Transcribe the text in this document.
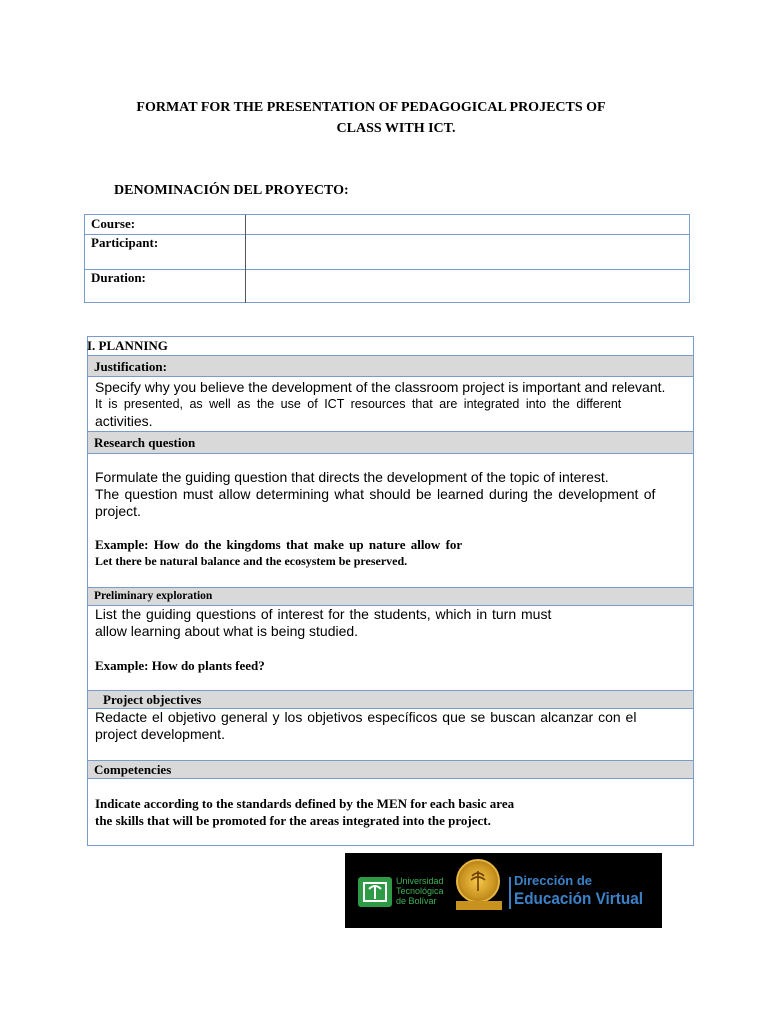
FORMAT FOR THE PRESENTATION OF PEDAGOGICAL PROJECTS OF
CLASS WITH ICT.
DENOMINACIÓN DEL PROYECTO:
Course:
Participant:
Duration:
I. PLANNING
Justification:
Specify why you believe the development of the classroom project is important and relevant.
It is presented, as well as the use of ICT resources that are integrated into the different
activities.
Research question
Formulate the guiding question that directs the development of the topic of interest.
The question must allow determining what should be learned during the development of
project.
Example: How do the kingdoms that make up nature allow for
Let there be natural balance and the ecosystem be preserved.
Preliminary exploration
List the guiding questions of interest for the students, which in turn must
allow learning about what is being studied.
Example: How do plants feed?
Project objectives
Redacte el objetivo general y los objetivos específicos que se buscan alcanzar con el
project development.
Competencies
Indicate according to the standards defined by the MEN for each basic area
the skills that will be promoted for the areas integrated into the project.
Universidad
Tecnológica
de Bolívar
Dirección de
Educación Virtual
